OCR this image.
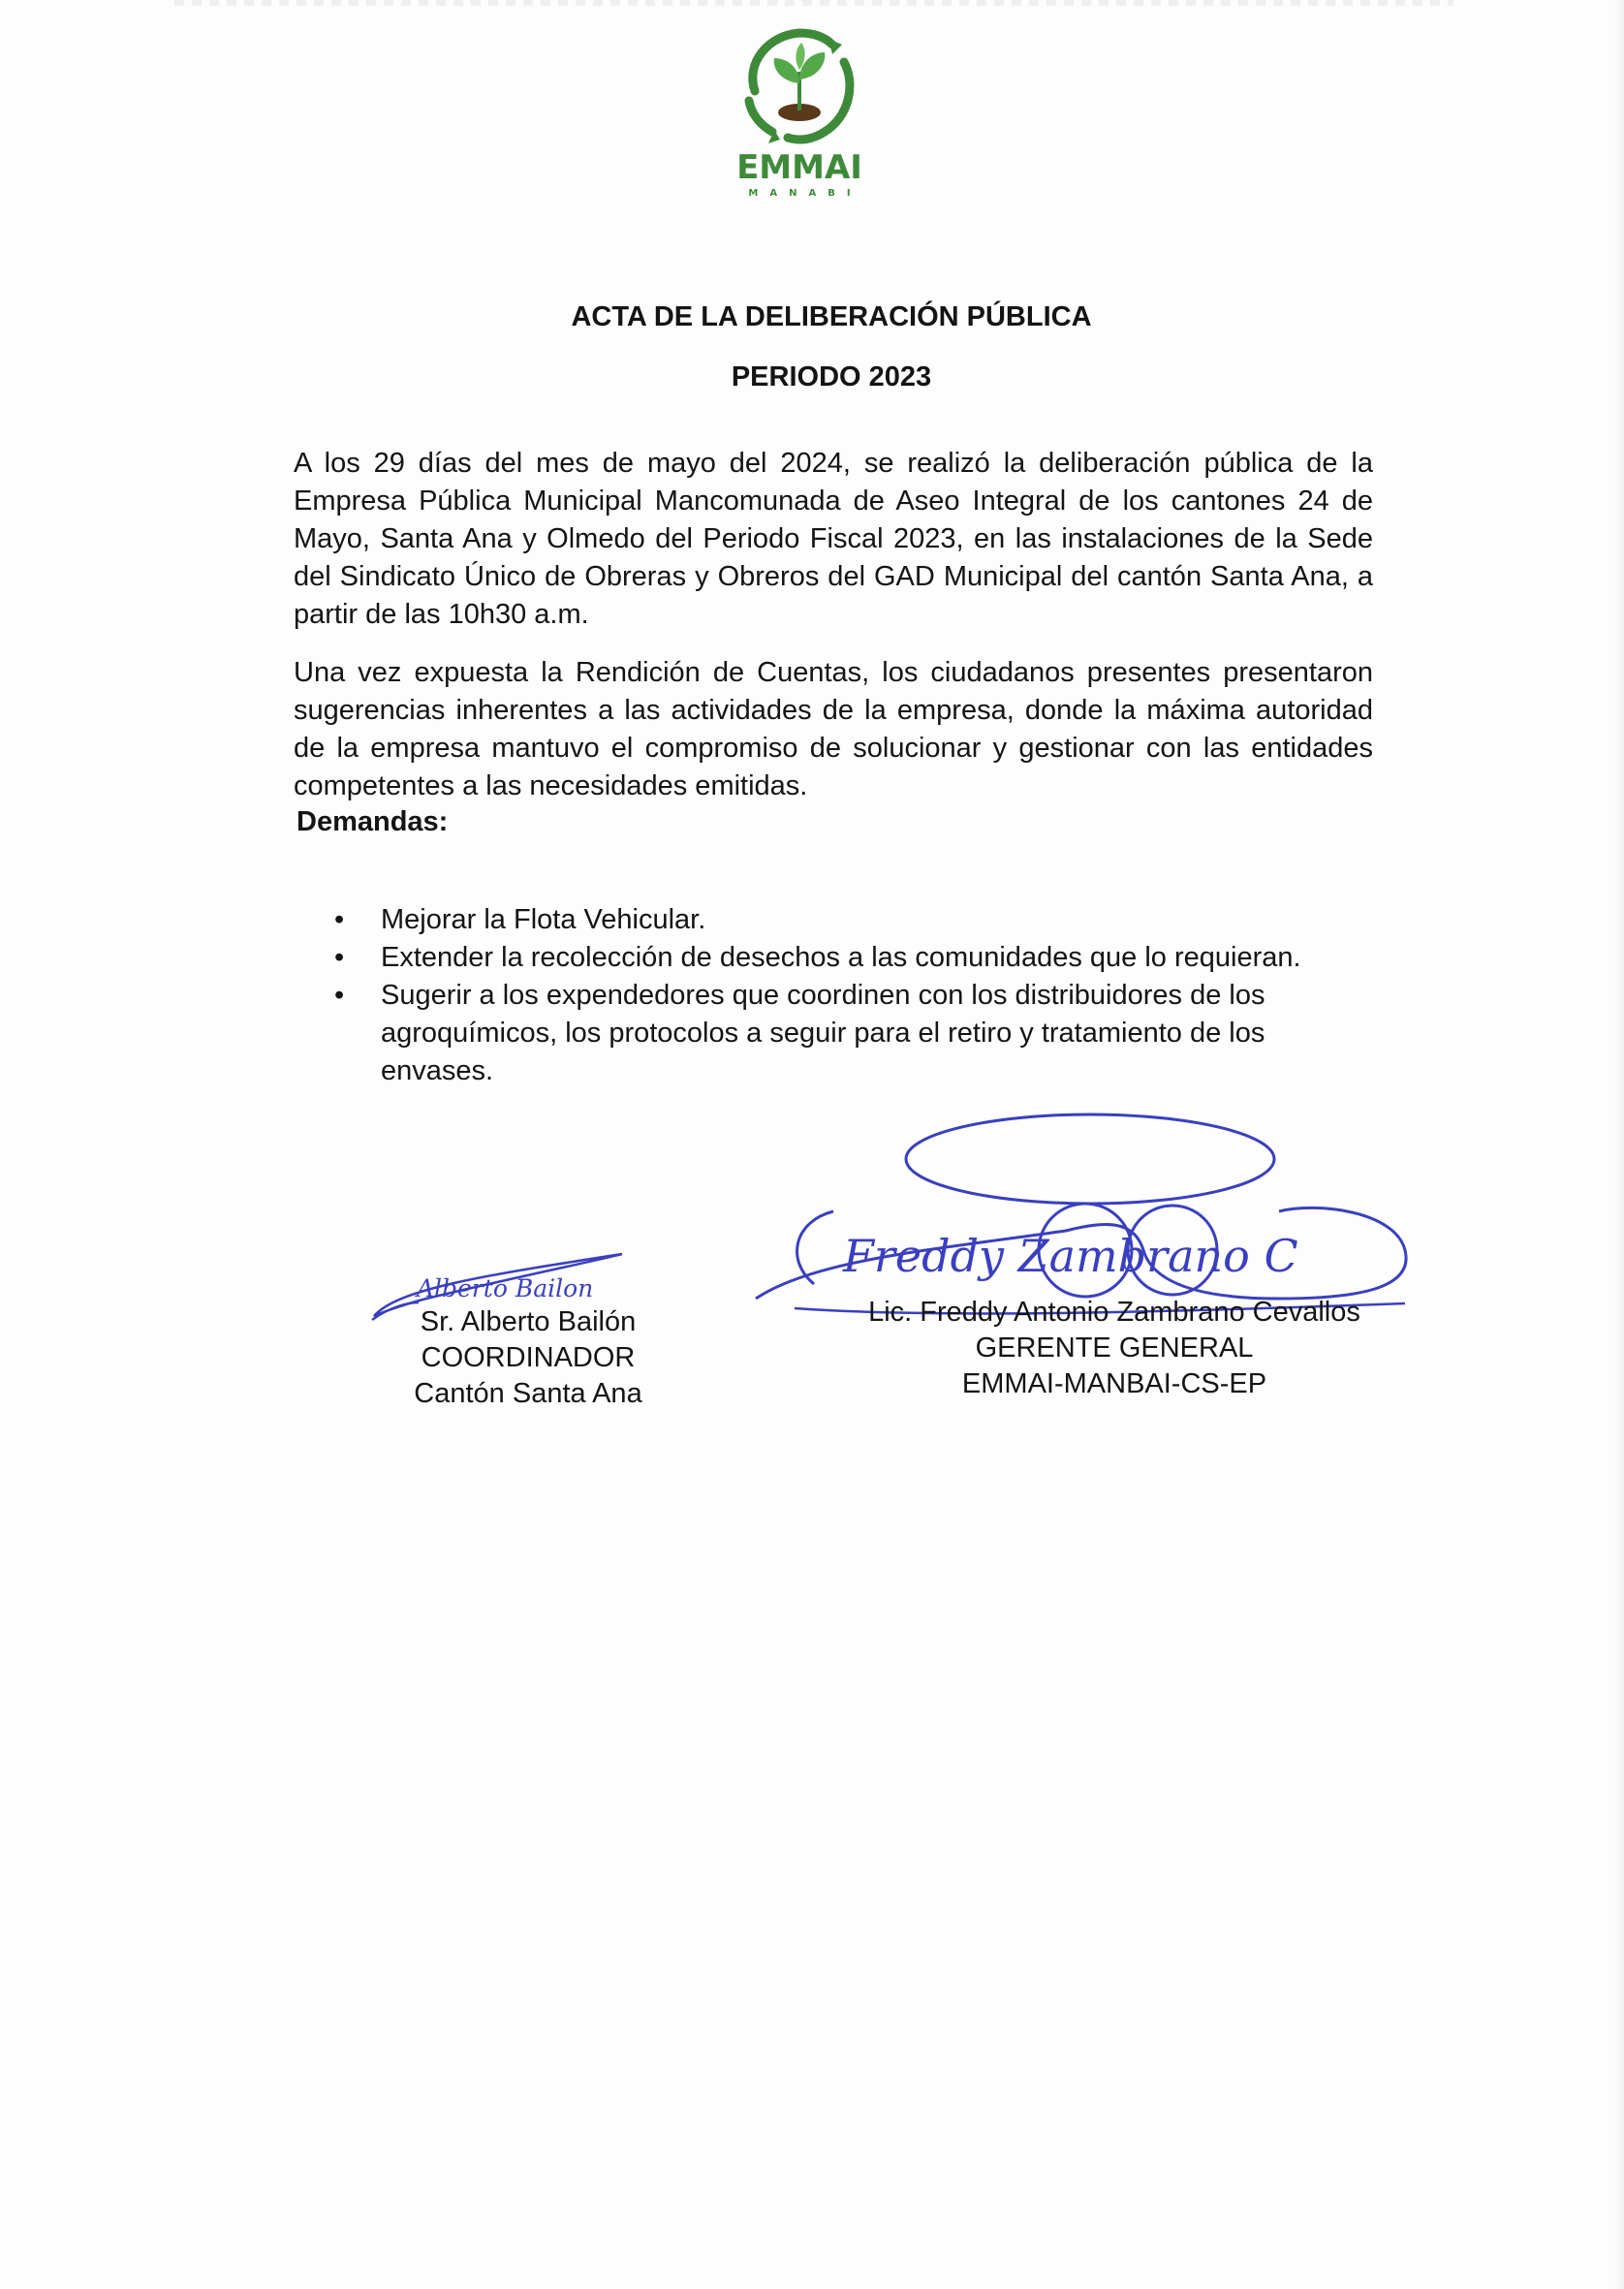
EMMAI
MANABI
ACTA DE LA DELIBERACIÓN PÚBLICA
PERIODO 2023

A los 29 días del mes de mayo del 2024, se realizó la deliberación pública de la Empresa Pública Municipal Mancomunada de Aseo Integral de los cantones 24 de Mayo, Santa Ana y Olmedo del Periodo Fiscal 2023, en las instalaciones de la Sede del Sindicato Único de Obreras y Obreros del GAD Municipal del cantón Santa Ana, a partir de las 10h30 a.m.

Una vez expuesta la Rendición de Cuentas, los ciudadanos presentes presentaron sugerencias inherentes a las actividades de la empresa, donde la máxima autoridad de la empresa mantuvo el compromiso de solucionar y gestionar con las entidades competentes a las necesidades emitidas.

Demandas:
• Mejorar la Flota Vehicular.
• Extender la recolección de desechos a las comunidades que lo requieran.
• Sugerir a los expendedores que coordinen con los distribuidores de los agroquímicos, los protocolos a seguir para el retiro y tratamiento de los envases.
Alberto Bailon
Freddy Zambrano C
Sr. Alberto Bailón
COORDINADOR
Cantón Santa Ana
Lic. Freddy Antonio Zambrano Cevallos
GERENTE GENERAL
EMMAI-MANBAI-CS-EP
